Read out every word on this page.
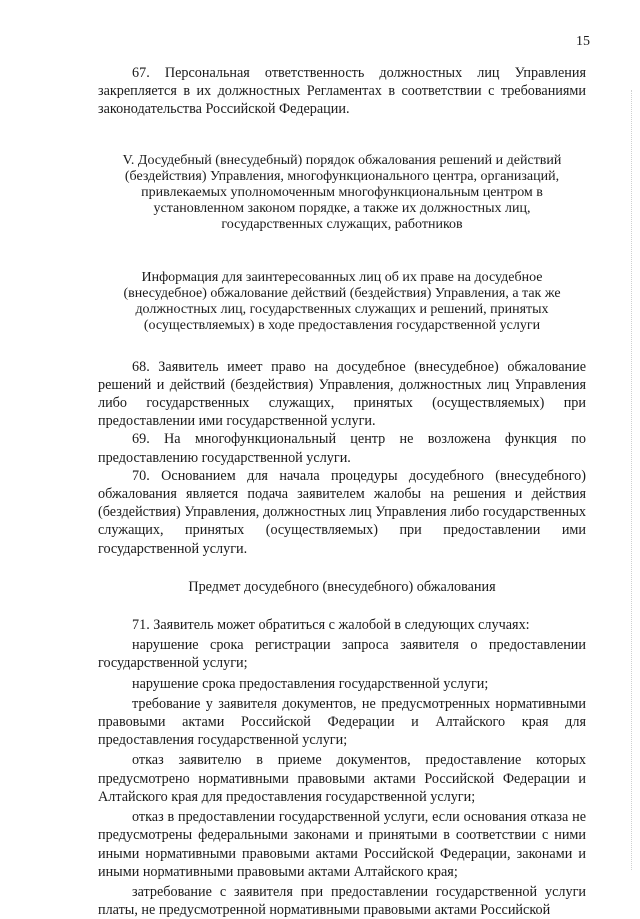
15

67. Персональная ответственность должностных лиц Управления закрепляется в их должностных Регламентах в соответствии с требованиями законодательства Российской Федерации.

V. Досудебный (внесудебный) порядок обжалования решений и действий
(бездействия) Управления, многофункционального центра, организаций,
привлекаемых уполномоченным многофункциональным центром в
установленном законом порядке, а также их должностных лиц,
государственных служащих, работников
Информация для заинтересованных лиц об их праве на досудебное
(внесудебное) обжалование действий (бездействия) Управления, а так же
должностных лиц, государственных служащих и решений, принятых
(осуществляемых) в ходе предоставления государственной услуги

68. Заявитель имеет право на досудебное (внесудебное) обжалование решений и действий (бездействия) Управления, должностных лиц Управления либо государственных служащих, принятых (осуществляемых) при предоставлении ими государственной услуги.

69. На многофункциональный центр не возложена функция по предоставлению государственной услуги.

70. Основанием для начала процедуры досудебного (внесудебного) обжалования является подача заявителем жалобы на решения и действия (бездействия) Управления, должностных лиц Управления либо государственных служащих, принятых (осуществляемых) при предоставлении ими государственной услуги.

Предмет досудебного (внесудебного) обжалования

71. Заявитель может обратиться с жалобой в следующих случаях:

нарушение срока регистрации запроса заявителя о предоставлении государственной услуги;

нарушение срока предоставления государственной услуги;

требование у заявителя документов, не предусмотренных нормативными правовыми актами Российской Федерации и Алтайского края для предоставления государственной услуги;

отказ заявителю в приеме документов, предоставление которых предусмотрено нормативными правовыми актами Российской Федерации и Алтайского края для предоставления государственной услуги;

отказ в предоставлении государственной услуги, если основания отказа не предусмотрены федеральными законами и принятыми в соответствии с ними иными нормативными правовыми актами Российской Федерации, законами и иными нормативными правовыми актами Алтайского края;

затребование с заявителя при предоставлении государственной услуги платы, не предусмотренной нормативными правовыми актами Российской
